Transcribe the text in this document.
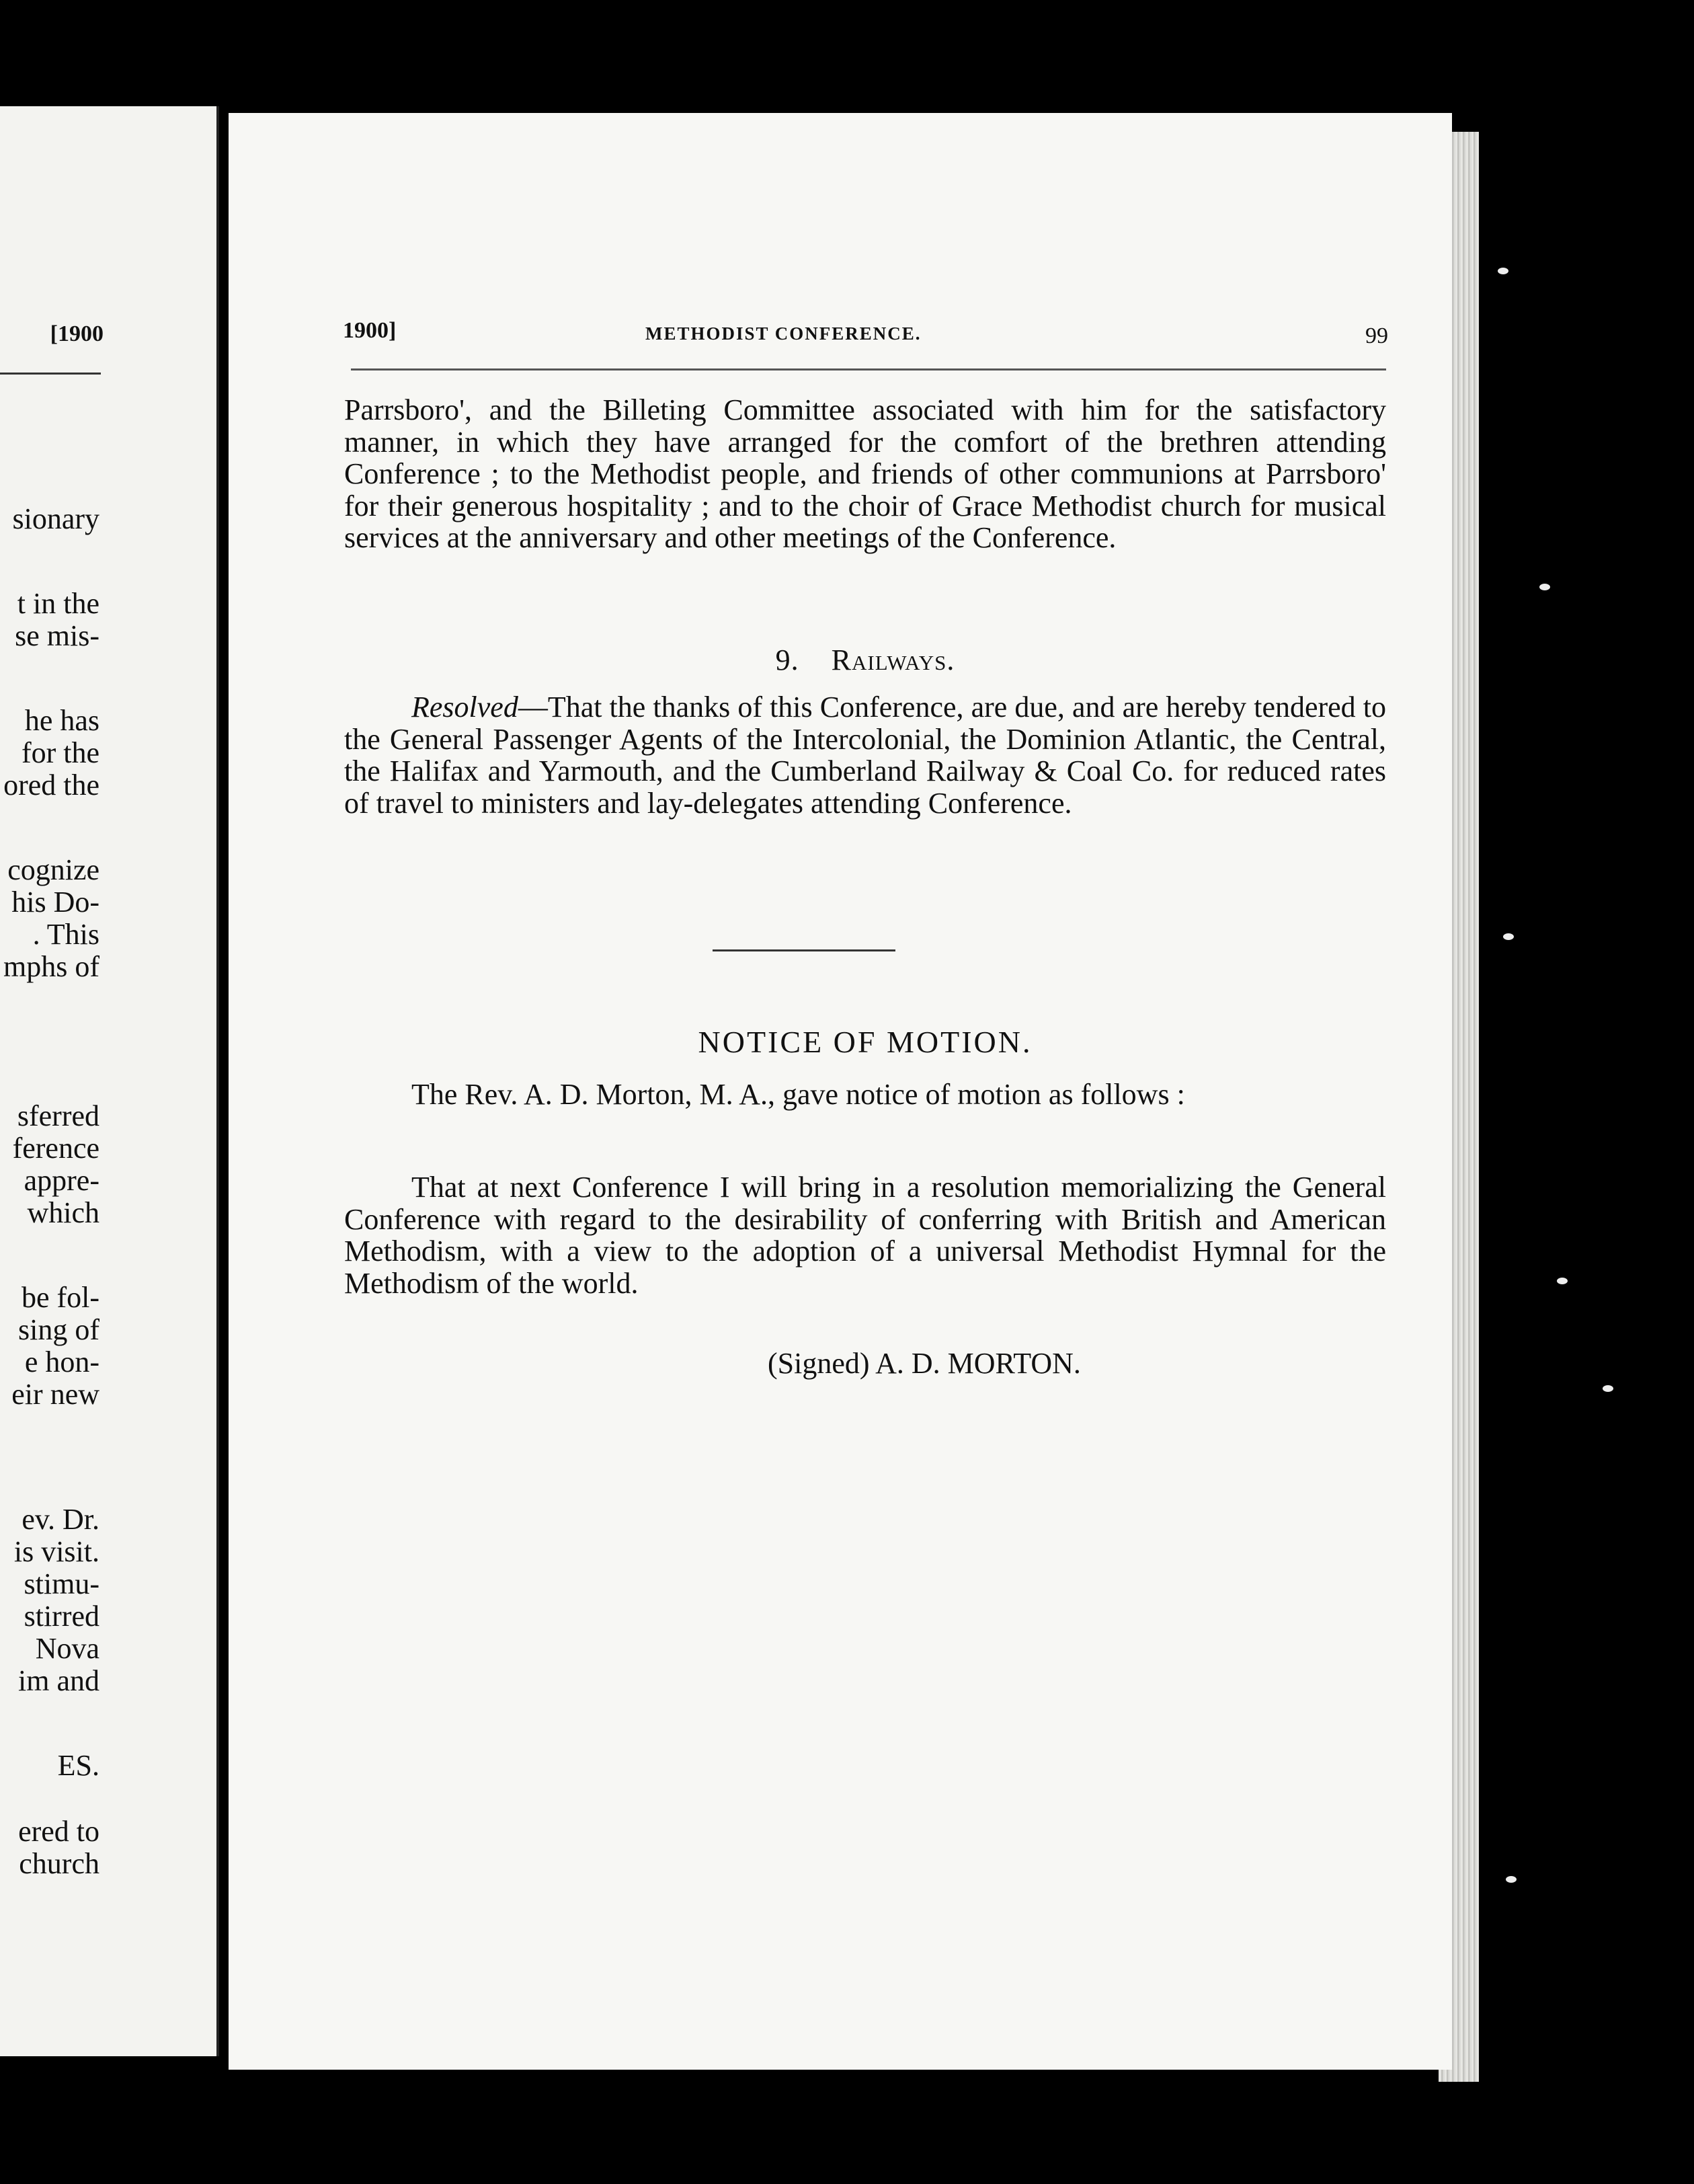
[1900
sionary
t in the
se mis-
he has
for the
ored the
cognize
his Do-
. This
mphs of
sferred
ference
appre-
which
be fol-
sing of
e hon-
eir new
ev. Dr.
is visit.
stimu-
stirred
Nova
im and
ES.
ered to
church
1900]	METHODIST CONFERENCE.	99

Parrsboro', and the Billeting Committee associated with him for the satisfactory manner, in which they have arranged for the comfort of the brethren attending Conference ; to the Methodist people, and friends of other communions at Parrsboro' for their generous hospitality ; and to the choir of Grace Methodist church for musical services at the anniversary and other meetings of the Conference.

9. Railways.

Resolved—That the thanks of this Conference, are due, and are hereby tendered to the General Passenger Agents of the Intercolonial, the Dominion Atlantic, the Central, the Halifax and Yarmouth, and the Cumberland Railway & Coal Co. for reduced rates of travel to ministers and lay-delegates attending Conference.

NOTICE OF MOTION.

The Rev. A. D. Morton, M. A., gave notice of motion as follows :

That at next Conference I will bring in a resolution memorializing the General Conference with regard to the desirability of conferring with British and American Methodism, with a view to the adoption of a universal Methodist Hymnal for the Methodism of the world.

(Signed) A. D. MORTON.
